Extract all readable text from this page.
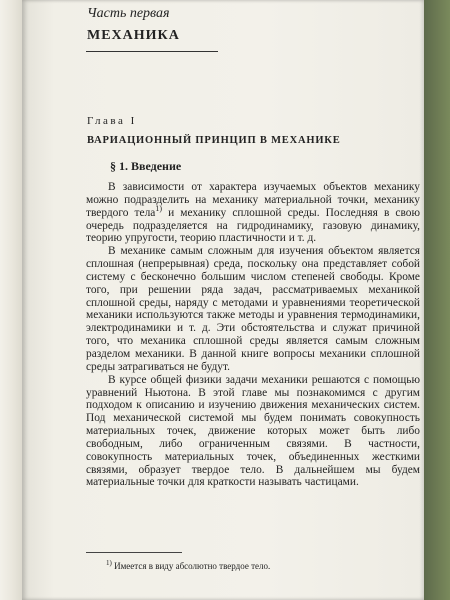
Часть первая
МЕХАНИКА
Глава I
ВАРИАЦИОННЫЙ ПРИНЦИП В МЕХАНИКЕ
§ 1. Введение

В зависимости от характера изучаемых объектов механику можно подразделить на механику материальной точки, механику твердого тела$^{1)}$ и механику сплошной среды. Последняя в свою очередь подразделяется на гидродинамику, газовую динамику, теорию упругости, теорию пластичности и т. д.

В механике самым сложным для изучения объектом является сплошная (непрерывная) среда, поскольку она представляет собой систему с бесконечно большим числом степеней свободы. Кроме того, при решении ряда задач, рассматриваемых механикой сплошной среды, наряду с методами и уравнениями теоретической механики используются также методы и уравнения термодинамики, электродинамики и т. д. Эти обстоятельства и служат причиной того, что механика сплошной среды является самым сложным разделом механики. В данной книге вопросы механики сплошной среды затрагиваться не будут.

В курсе общей физики задачи механики решаются с помощью уравнений Ньютона. В этой главе мы познакомимся с другим подходом к описанию и изучению движения механических систем. Под механической системой мы будем понимать совокупность материальных точек, движение которых может быть либо свободным, либо ограниченным связями. В частности, совокупность материальных точек, объединенных жесткими связями, образует твердое тело. В дальнейшем мы будем материальные точки для краткости называть частицами.

$^{1)}$ Имеется в виду абсолютно твердое тело.
